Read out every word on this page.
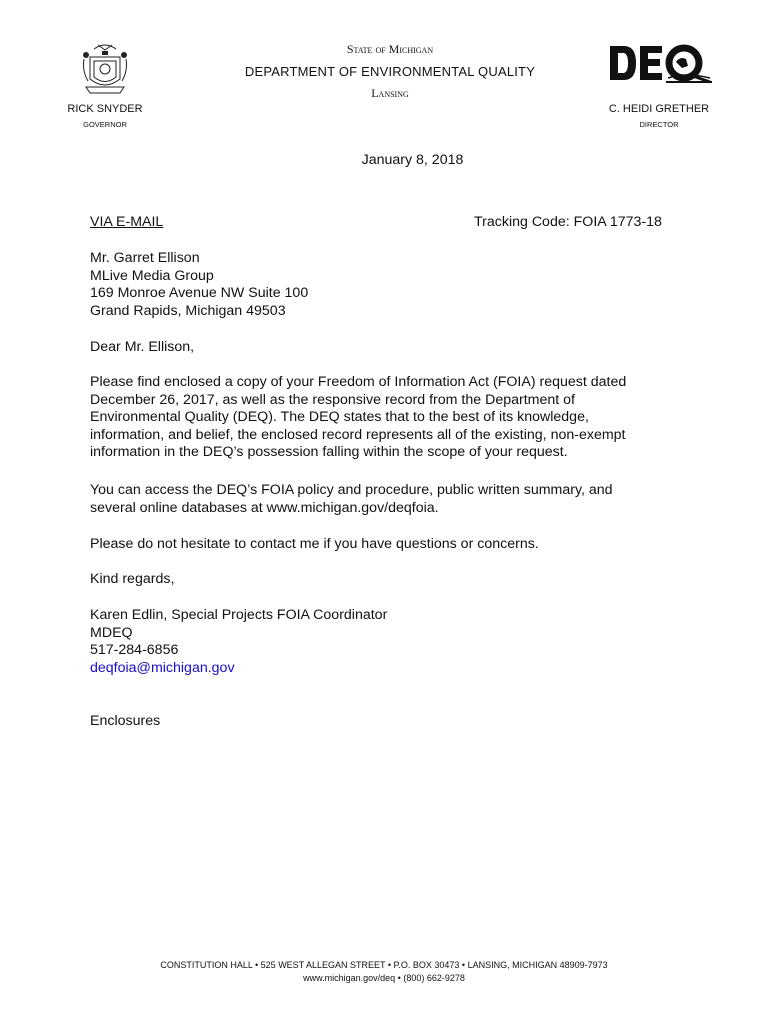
RICK SNYDER
GOVERNOR
State of Michigan
DEPARTMENT OF ENVIRONMENTAL QUALITY
Lansing
DEQ
C. HEIDI GRETHER
DIRECTOR
January 8, 2018
VIA E-MAIL	Tracking Code: FOIA 1773-18
Mr. Garret Ellison
MLive Media Group
169 Monroe Avenue NW Suite 100
Grand Rapids, Michigan 49503
Dear Mr. Ellison,
Please find enclosed a copy of your Freedom of Information Act (FOIA) request dated
December 26, 2017, as well as the responsive record from the Department of
Environmental Quality (DEQ). The DEQ states that to the best of its knowledge,
information, and belief, the enclosed record represents all of the existing, non-exempt
information in the DEQ’s possession falling within the scope of your request.
You can access the DEQ’s FOIA policy and procedure, public written summary, and
several online databases at www.michigan.gov/deqfoia.
Please do not hesitate to contact me if you have questions or concerns.
Kind regards,
Karen Edlin, Special Projects FOIA Coordinator
MDEQ
517-284-6856
deqfoia@michigan.gov
Enclosures
CONSTITUTION HALL • 525 WEST ALLEGAN STREET • P.O. BOX 30473 • LANSING, MICHIGAN 48909-7973
www.michigan.gov/deq • (800) 662-9278
